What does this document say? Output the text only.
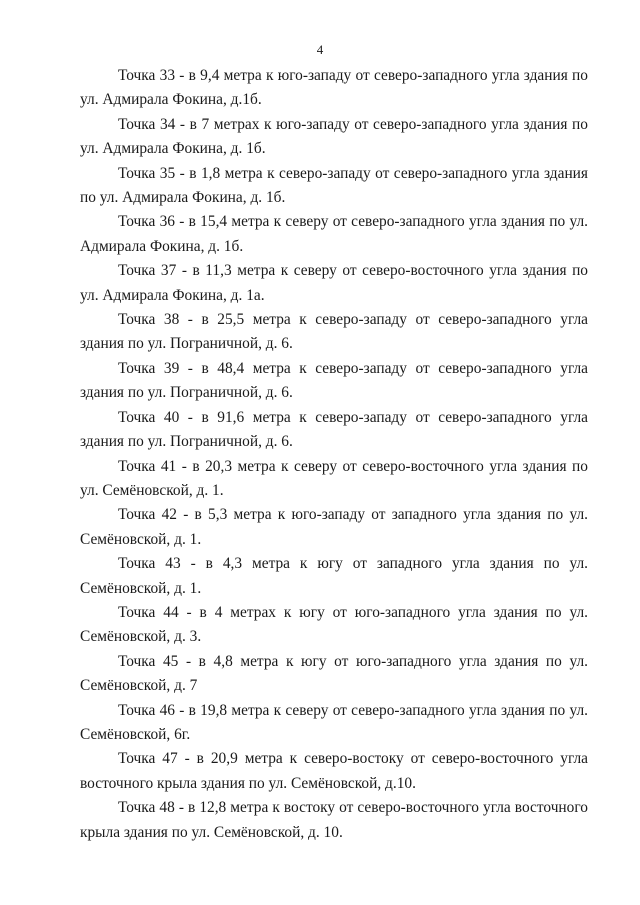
4

Точка 33 - в 9,4 метра к юго-западу от северо-западного угла здания по ул. Адмирала Фокина, д.1б.

Точка 34 - в 7 метрах к юго-западу от северо-западного угла здания по ул. Адмирала Фокина, д. 1б.

Точка 35 - в 1,8 метра к северо-западу от северо-западного угла здания по ул. Адмирала Фокина, д. 1б.

Точка 36 - в 15,4 метра к северу от северо-западного угла здания по ул. Адмирала Фокина, д. 1б.

Точка 37 - в 11,3 метра к северу от северо-восточного угла здания по ул. Адмирала Фокина, д. 1а.

Точка 38 - в 25,5 метра к северо-западу от северо-западного угла здания по ул. Пограничной, д. 6.

Точка 39 - в 48,4 метра к северо-западу от северо-западного угла здания по ул. Пограничной, д. 6.

Точка 40 - в 91,6 метра к северо-западу от северо-западного угла здания по ул. Пограничной, д. 6.

Точка 41 - в 20,3 метра к северу от северо-восточного угла здания по ул. Семёновской, д. 1.

Точка 42 - в 5,3 метра к юго-западу от западного угла здания по ул. Семёновской, д. 1.

Точка 43 - в 4,3 метра к югу от западного угла здания по ул. Семёновской, д. 1.

Точка 44 - в 4 метрах к югу от юго-западного угла здания по ул. Семёновской, д. 3.

Точка 45 - в 4,8 метра к югу от юго-западного угла здания по ул. Семёновской, д. 7

Точка 46 - в 19,8 метра к северу от северо-западного угла здания по ул. Семёновской, 6г.

Точка 47 - в 20,9 метра к северо-востоку от северо-восточного угла восточного крыла здания по ул. Семёновской, д.10.

Точка 48 - в 12,8 метра к востоку от северо-восточного угла восточного крыла здания по ул. Семёновской, д. 10.
